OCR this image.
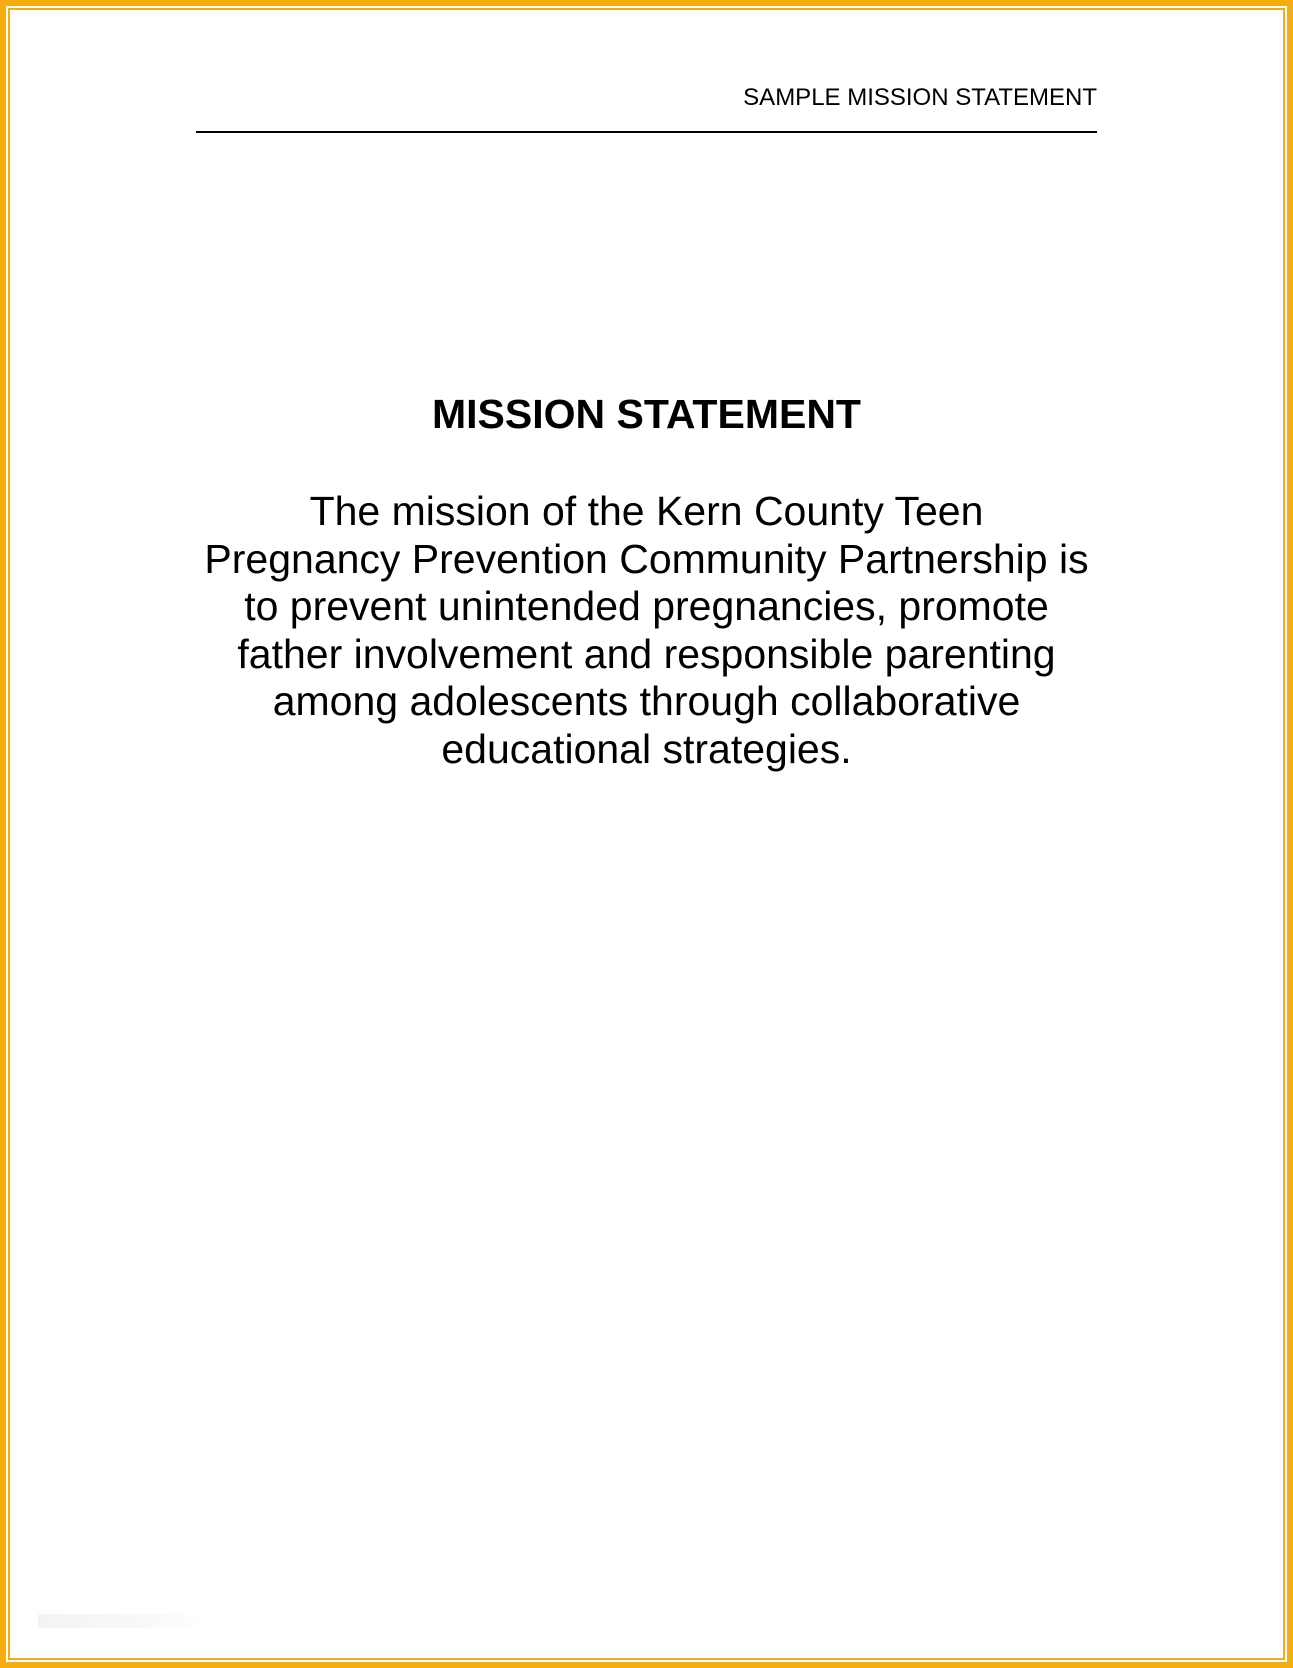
SAMPLE MISSION STATEMENT
MISSION STATEMENT

The mission of the Kern County Teen
Pregnancy Prevention Community Partnership is
to prevent unintended pregnancies, promote
father involvement and responsible parenting
among adolescents through collaborative
educational strategies.
